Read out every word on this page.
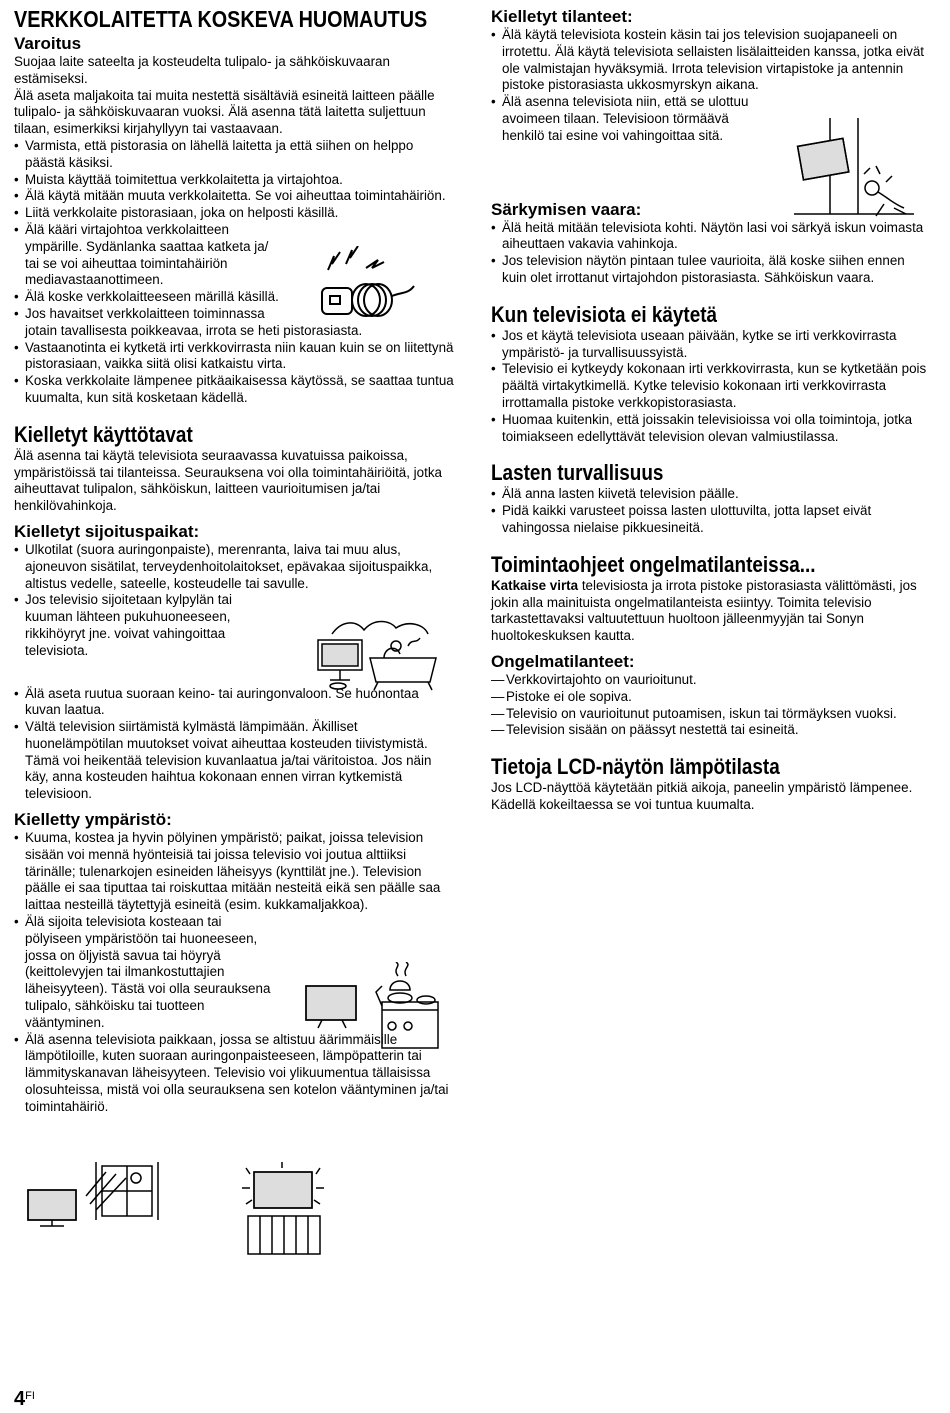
VERKKOLAITETTA KOSKEVA HUOMAUTUS
Varoitus

Suojaa laite sateelta ja kosteudelta tulipalo- ja sähköiskuvaaran estämiseksi.
Älä aseta maljakoita tai muita nestettä sisältäviä esineitä laitteen päälle tulipalo- ja sähköiskuvaaran vuoksi. Älä asenna tätä laitetta suljettuun tilaan, esimerkiksi kirjahyllyyn tai vastaavaan.

• Varmista, että pistorasia on lähellä laitetta ja että siihen on helppo päästä käsiksi.
• Muista käyttää toimitettua verkkolaitetta ja virtajohtoa.
• Älä käytä mitään muuta verkkolaitetta. Se voi aiheuttaa toimintahäiriön.
• Liitä verkkolaite pistorasiaan, joka on helposti käsillä.
• Älä kääri virtajohtoa verkkolaitteen
ympärille. Sydänlanka saattaa katketa ja/
tai se voi aiheuttaa toimintahäiriön
mediavastaanottimeen.
• Älä koske verkkolaitteeseen märillä käsillä.
• Jos havaitset verkkolaitteen toiminnassa
jotain tavallisesta poikkeavaa, irrota se heti pistorasiasta.
• Vastaanotinta ei kytketä irti verkkovirrasta niin kauan kuin se on liitettynä pistorasiaan, vaikka siitä olisi katkaistu virta.
• Koska verkkolaite lämpenee pitkäaikaisessa käytössä, se saattaa tuntua kuumalta, kun sitä kosketaan kädellä.
Kielletyt käyttötavat

Älä asenna tai käytä televisiota seuraavassa kuvatuissa paikoissa, ympäristöissä tai tilanteissa. Seurauksena voi olla toimintahäiriöitä, jotka aiheuttavat tulipalon, sähköiskun, laitteen vaurioitumisen ja/tai henkilövahinkoja.

Kielletyt sijoituspaikat:
• Ulkotilat (suora auringonpaiste), merenranta, laiva tai muu alus, ajoneuvon sisätilat, terveydenhoitolaitokset, epävakaa sijoituspaikka, altistus vedelle, sateelle, kosteudelle tai savulle.
• Jos televisio sijoitetaan kylpylän tai
kuuman lähteen pukuhuoneeseen,
rikkihöyryt jne. voivat vahingoittaa
televisiota.
• Älä aseta ruutua suoraan keino- tai auringonvaloon. Se huonontaa kuvan laatua.
• Vältä television siirtämistä kylmästä lämpimään. Äkilliset huonelämpötilan muutokset voivat aiheuttaa kosteuden tiivistymistä. Tämä voi heikentää television kuvanlaatua ja/tai väritoistoa. Jos näin käy, anna kosteuden haihtua kokonaan ennen virran kytkemistä televisioon.
Kielletty ympäristö:
• Kuuma, kostea ja hyvin pölyinen ympäristö; paikat, joissa television sisään voi mennä hyönteisiä tai joissa televisio voi joutua alttiiksi tärinälle; tulenarkojen esineiden läheisyys (kynttilät jne.). Television päälle ei saa tiputtaa tai roiskuttaa mitään nesteitä eikä sen päälle saa laittaa nesteillä täytettyjä esineitä (esim. kukkamaljakkoa).
• Älä sijoita televisiota kosteaan tai
pölyiseen ympäristöön tai huoneeseen,
jossa on öljyistä savua tai höyryä
(keittolevyjen tai ilmankostuttajien
läheisyyteen). Tästä voi olla seurauksena
tulipalo, sähköisku tai tuotteen
vääntyminen.
• Älä asenna televisiota paikkaan, jossa se altistuu äärimmäisille lämpötiloille, kuten suoraan auringonpaisteeseen, lämpöpatterin tai lämmityskanavan läheisyyteen. Televisio voi ylikuumentua tällaisissa olosuhteissa, mistä voi olla seurauksena sen kotelon vääntyminen ja/tai toimintahäiriö.
Kielletyt tilanteet:
• Älä käytä televisiota kostein käsin tai jos television suojapaneeli on irrotettu. Älä käytä televisiota sellaisten lisälaitteiden kanssa, jotka eivät ole valmistajan hyväksymiä. Irrota television virtapistoke ja antennin pistoke pistorasiasta ukkosmyrskyn aikana.
• Älä asenna televisiota niin, että se ulottuu
avoimeen tilaan. Televisioon törmäävä
henkilö tai esine voi vahingoittaa sitä.
Särkymisen vaara:
• Älä heitä mitään televisiota kohti. Näytön lasi voi särkyä iskun voimasta aiheuttaen vakavia vahinkoja.
• Jos television näytön pintaan tulee vaurioita, älä koske siihen ennen kuin olet irrottanut virtajohdon pistorasiasta. Sähköiskun vaara.
Kun televisiota ei käytetä
• Jos et käytä televisiota useaan päivään, kytke se irti verkkovirrasta ympäristö- ja turvallisuussyistä.
• Televisio ei kytkeydy kokonaan irti verkkovirrasta, kun se kytketään pois päältä virtakytkimellä. Kytke televisio kokonaan irti verkkovirrasta irrottamalla pistoke verkkopistorasiasta.
• Huomaa kuitenkin, että joissakin televisioissa voi olla toimintoja, jotka toimiakseen edellyttävät television olevan valmiustilassa.
Lasten turvallisuus
• Älä anna lasten kiivetä television päälle.
• Pidä kaikki varusteet poissa lasten ulottuvilta, jotta lapset eivät vahingossa nielaise pikkuesineitä.
Toimintaohjeet ongelmatilanteissa...

Katkaise virta televisiosta ja irrota pistoke pistorasiasta välittömästi, jos jokin alla mainituista ongelmatilanteista esiintyy. Toimita televisio tarkastettavaksi valtuutettuun huoltoon jälleenmyyjän tai Sonyn huoltokeskuksen kautta.

Ongelmatilanteet:
— Verkkovirtajohto on vaurioitunut.
— Pistoke ei ole sopiva.
— Televisio on vaurioitunut putoamisen, iskun tai törmäyksen vuoksi.
— Television sisään on päässyt nestettä tai esineitä.
Tietoja LCD-näytön lämpötilasta

Jos LCD-näyttöä käytetään pitkiä aikoja, paneelin ympäristö lämpenee. Kädellä kokeiltaessa se voi tuntua kuumalta.

$4^{FI}$
